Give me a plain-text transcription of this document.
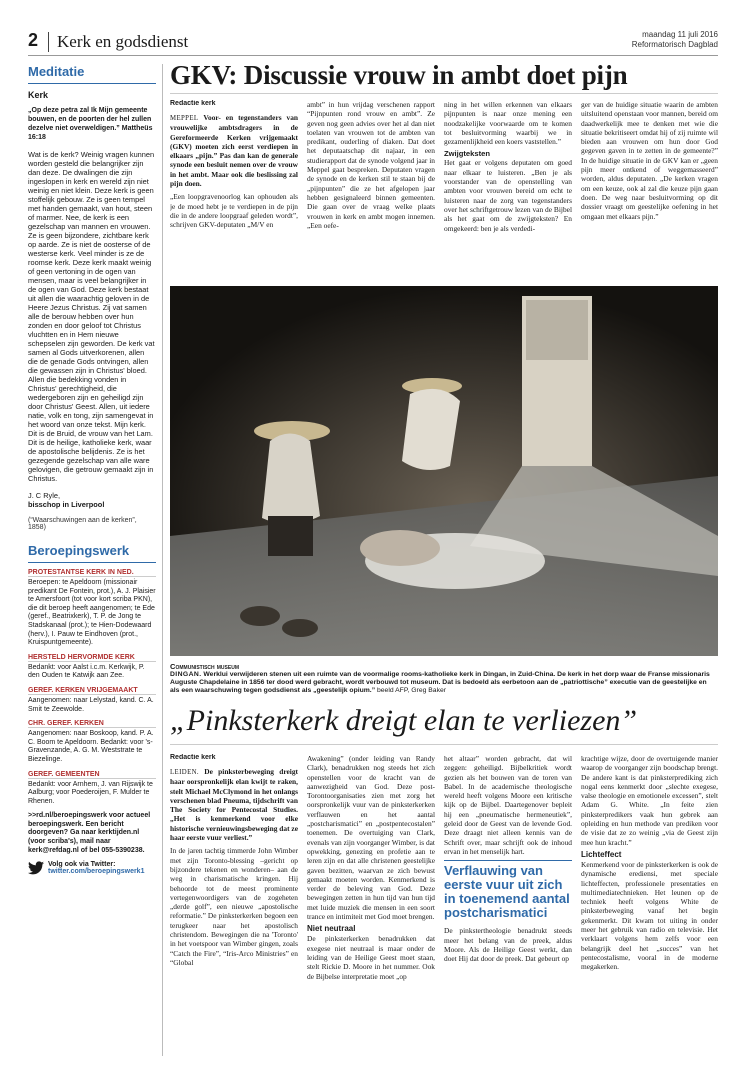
2	Kerk en godsdienst	maandag 11 juli 2016
Reformatorisch Dagblad
Meditatie
Kerk
„Op deze petra zal Ik Mijn gemeente bouwen, en de poorten der hel zullen dezelve niet overweldigen.” Mattheüs 16:18
Wat is de kerk? Weinig vragen kunnen worden gesteld die belangrijker zijn dan deze. De dwalingen die zijn ingeslopen in kerk en wereld zijn niet weinig en niet klein. Deze kerk is geen stoffelijk gebouw. Ze is geen tempel met handen gemaakt, van hout, steen of marmer. Nee, de kerk is een gezelschap van mannen en vrouwen. Ze is geen bijzondere, zichtbare kerk op aarde. Ze is niet de oosterse of de westerse kerk. Veel minder is ze de roomse kerk. Deze kerk maakt weinig of geen vertoning in de ogen van mensen, maar is veel belangrijker in de ogen van God. Deze kerk bestaat uit allen die waarachtig geloven in de Heere Jezus Christus. Zij vat samen alle de berouw hebben over hun zonden en door geloof tot Christus vluchtten en in Hem nieuwe schepselen zijn geworden. De kerk vat samen al Gods uitverkorenen, allen die de genade Gods ontvingen, allen die gewassen zijn in Christus' bloed. Allen die bedekking vonden in Christus' gerechtigheid, die wedergeboren zijn en geheiligd zijn door Christus' Geest. Allen, uit iedere natie, volk en tong, zijn samengevat in het woord van onze tekst. Mijn kerk. Dit is de Bruid, de vrouw van het Lam. Dit is de heilige, katholieke kerk, waar de apostolische belijdenis. Ze is het gezegende gezelschap van alle ware gelovigen, die getrouw gemaakt zijn in Christus.
J. C Ryle,
bisschop in Liverpool
(“Waarschuwingen aan de kerken”, 1858)
Beroepingswerk
PROTESTANTSE KERK IN NED.
Beroepen: te Apeldoorn (missionair predikant De Fontein, prot.), A. J. Plaisier te Amersfoort (tot voor kort scriba PKN), die dit beroep heeft aangenomen; te Ede (geref., Beatrixkerk), T. P. de Jong te Stadskanaal (prot.); te Hien-Dodewaard (herv.), I. Pauw te Eindhoven (prot., Kruispuntgemeente).
HERSTELD HERVORMDE KERK
Bedankt: voor Aalst i.c.m. Kerkwijk, P. den Ouden te Katwijk aan Zee.
GEREF. KERKEN VRIJGEMAAKT
Aangenomen: naar Lelystad, kand. C. A. Smit te Zeewolde.
CHR. GEREF. KERKEN
Aangenomen: naar Boskoop, kand. P. A. C. Boom te Apeldoorn. Bedankt: voor 's-Gravenzande, A. G. M. Weststrate te Biezelinge.
GEREF. GEMEENTEN
Bedankt: voor Arnhem, J. van Rijswijk te Aalburg; voor Poederoijen, F. Mulder te Rhenen.
>>rd.nl/beroepingswerk voor actueel beroepingswerk. Een bericht doorgeven? Ga naar kerktijden.nl (voor scriba's), mail naar kerk@refdag.nl of bel 055-5390238.
Volg ook via Twitter:
twitter.com/beroepingswerk1
GKV: Discussie vrouw in ambt doet pijn
Redactie kerk

MEPPEL Voor- en tegenstanders van vrouwelijke ambtsdragers in de Gereformeerde Kerken vrijgemaakt (GKV) moeten zich eerst verdiepen in elkaars „pijn.” Pas dan kan de generale synode een besluit nemen over de vrouw in het ambt. Maar ook die beslissing zal pijn doen.

„Een loopgravenoorlog kan ophouden als je de moed hebt je te verdiepen in de pijn die in de andere loopgraaf geleden wordt”, schrijven GKV-deputaten „M/V en

ambt” in hun vrijdag verschenen rapport “Pijnpunten rond vrouw en ambt”. Ze geven nog geen advies over het al dan niet toelaten van vrouwen tot de ambten van predikant, ouderling of diaken. Dat doet het deputaatschap dit najaar, in een studierapport dat de synode volgend jaar in Meppel gaat bespreken. Deputaten vragen de synode en de kerken stil te staan bij de „pijnpunten” die ze het afgelopen jaar hebben gesignaleerd binnen gemeenten. Die gaan over de vraag welke plaats vrouwen in kerk en ambt mogen innemen. „Een oefe-

ning in het willen erkennen van elkaars pijnpunten is naar onze mening een noodzakelijke voorwaarde om te komen tot besluitvorming waarbij we in gezamenlijkheid een koers vaststellen.”

Zwijgteksten

Het gaat er volgens deputaten om goed naar elkaar te luisteren. „Ben je als voorstander van de openstelling van ambten voor vrouwen bereid om echt te luisteren naar de zorg van tegenstanders over het schriftgetrouw lezen van de Bijbel als het gaat om de zwijgteksten? En omgekeerd: ben je als verdedi-

ger van de huidige situatie waarin de ambten uitsluitend openstaan voor mannen, bereid om daadwerkelijk mee te denken met wie die situatie bekritiseert omdat hij of zij ruimte wil bieden aan vrouwen om hun door God gegeven gaven in te zetten in de gemeente?” In de huidige situatie in de GKV kan er „geen pijn meer ontkend of weggemasseerd” worden, aldus deputaten. „De kerken vragen om een keuze, ook al zal die keuze pijn gaan doen. De weg naar besluitvorming op dit dossier vraagt om geestelijke oefening in het omgaan met elkaars pijn.”

Communistisch museum

DINGAN. Werklui verwijderen stenen uit een ruimte van de voormalige rooms-katholieke kerk in Dingan, in Zuid-China. De kerk in het dorp waar de Franse missionaris Auguste Chapdelaine in 1856 ter dood werd gebracht, wordt verbouwd tot museum. Dat is bedoeld als eerbetoon aan de „patriottische” executie van de geestelijke en als een waarschuwing tegen godsdienst als „geestelijk opium.” beeld AFP, Greg Baker

„Pinksterkerk dreigt elan te verliezen”
Redactie kerk

LEIDEN. De pinksterbeweging dreigt haar oorspronkelijk elan kwijt te raken, stelt Michael McClymond in het onlangs verschenen blad Pneuma, tijdschrift van The Society for Pentecostal Studies. „Het is kenmerkend voor elke historische vernieuwingsbeweging dat ze haar eerste vuur verliest.”

In de jaren tachtig timmerde John Wimber met zijn Toronto-blessing –gericht op bijzondere tekenen en wonderen– aan de weg in charismatische kringen. Hij behoorde tot de meest prominente vertegenwoordigers van de zogeheten „derde golf”, een nieuwe „apostolische reformatie.” De pinksterkerken begoen een terugkeer naar het apostolisch christendom. Bewegingen die na 'Toronto' in het voetspoor van Wimber gingen, zoals “Catch the Fire”, “Iris-Arco Ministries” en “Global

Awakening” (onder leiding van Randy Clark), benadrukken nog steeds het zich openstellen voor de kracht van de aanwezigheid van God. Deze post-Torontoorganisaties zien met zorg het oorspronkelijk vuur van de pinksterkerken verflauwen en het aantal „postcharismatici” en „postpentecostalen” toenemen. De overtuiging van Clark, evenals van zijn voorganger Wimber, is dat opwekking, genezing en profetie aan te leren zijn en dat alle christenen geestelijke gaven bezitten, waarvan ze zich bewust gemaakt moeten worden. Kenmerkend is verder de beleving van God. Deze bewegingen zetten in hun tijd van hun tijd met luide muziek die mensen in een soort trance en intimiteit met God moet brengen.

Niet neutraal

De pinksterkerken benadrukken dat exegese niet neutraal is maar onder de leiding van de Heilige Geest moet staan, stelt Rickie D. Moore in het nummer. Ook de Bijbelse interpretatie moet „op

het altaar” worden gebracht, dat wil zeggen: geheiligd. Bijbelkritiek wordt gezien als het bouwen van de toren van Babel. In de academische theologische wereld heeft volgens Moore een kritische kijk op de Bijbel. Daartegenover bepleit hij een „pneumatische hermeneutiek”, geleid door de Geest van de levende God. Deze draagt niet alleen kennis van de Schrift over, maar schrijft ook de inhoud ervan in het menselijk hart.

Verflauwing van eerste vuur uit zich in toenemend aantal postcharismatici

De pinkstertheologie benadrukt steeds meer het belang van de preek, aldus Moore. Als de Heilige Geest werkt, dan doet Hij dat door de preek. Dat gebeurt op

krachtige wijze, door de overtuigende manier waarop de voorganger zijn boodschap brengt. De andere kant is dat pinksterprediking zich nogal eens kenmerkt door „slechte exegese, valse theologie en emotionele excessen”, stelt Adam G. White. „In feite zien pinksterpredikers vaak hun gebrek aan opleiding en hun methode van prediken voor de visie dat ze zo weinig „via de Geest zijn mee hun kracht.”

Lichteffect

Kenmerkend voor de pinksterkerken is ook de dynamische erediensi, met speciale lichteffecten, professionele presentaties en multimediatechnieken. Het leunen op de techniek heeft volgens White de pinksterbeweging vanaf het begin gekenmerkt. Dit kwam tot uiting in onder meer het gebruik van radio en televisie. Het verklaart volgens hem zelfs voor een belangrijk deel het „succes” van het pentecostalisme, vooral in de moderne megakerken.
